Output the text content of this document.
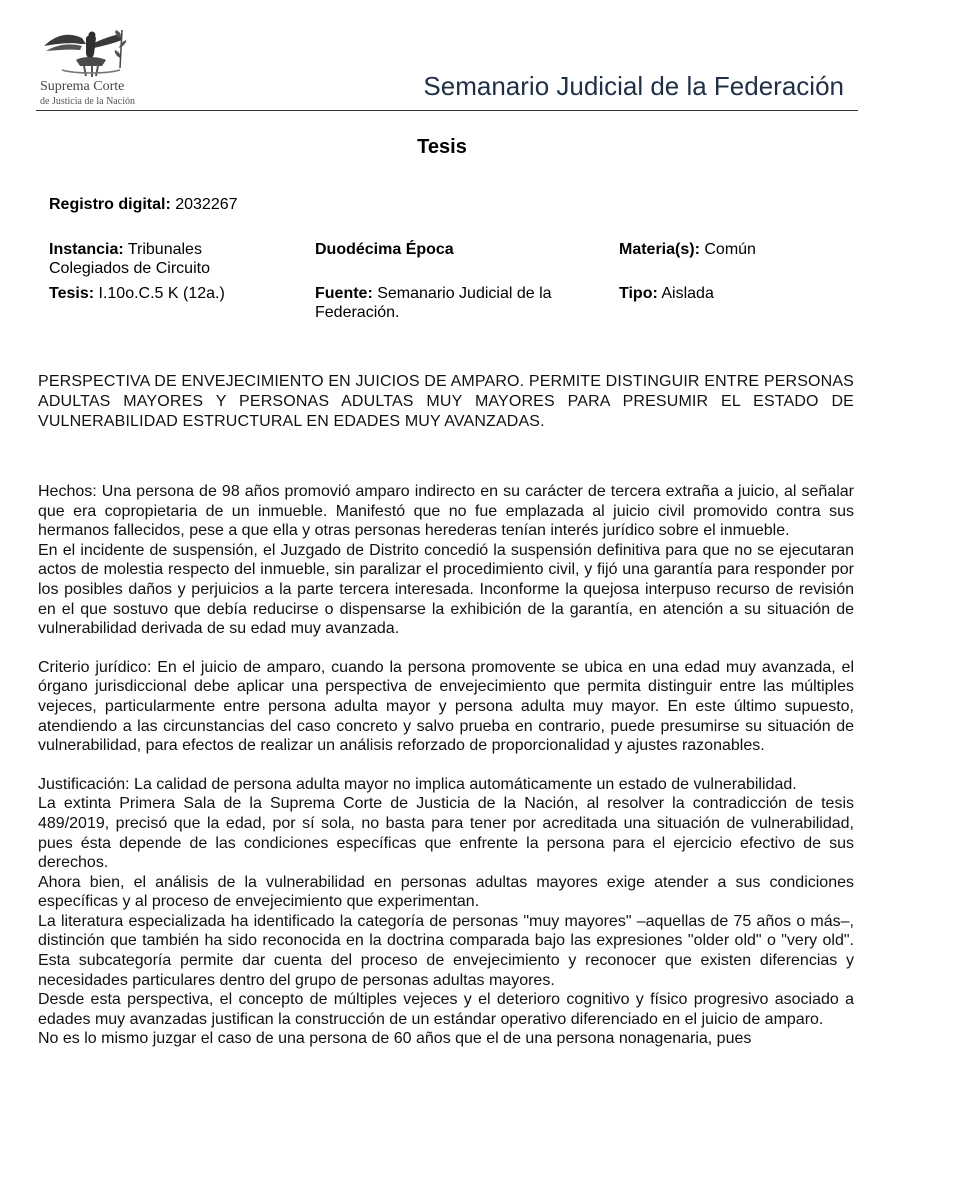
Suprema Corte
de Justicia de la Nación
Semanario Judicial de la Federación
Tesis
Registro digital: 2032267
Instancia: Tribunales Colegiados de Circuito
Duodécima Época	Materia(s): Común
Tesis: I.10o.C.5 K (12a.)	Fuente: Semanario Judicial de la Federación.
Tipo: Aislada
PERSPECTIVA DE ENVEJECIMIENTO EN JUICIOS DE AMPARO. PERMITE DISTINGUIR ENTRE PERSONAS ADULTAS MAYORES Y PERSONAS ADULTAS MUY MAYORES PARA PRESUMIR EL ESTADO DE VULNERABILIDAD ESTRUCTURAL EN EDADES MUY AVANZADAS.

Hechos: Una persona de 98 años promovió amparo indirecto en su carácter de tercera extraña a juicio, al señalar que era copropietaria de un inmueble. Manifestó que no fue emplazada al juicio civil promovido contra sus hermanos fallecidos, pese a que ella y otras personas herederas tenían interés jurídico sobre el inmueble.

En el incidente de suspensión, el Juzgado de Distrito concedió la suspensión definitiva para que no se ejecutaran actos de molestia respecto del inmueble, sin paralizar el procedimiento civil, y fijó una garantía para responder por los posibles daños y perjuicios a la parte tercera interesada. Inconforme la quejosa interpuso recurso de revisión en el que sostuvo que debía reducirse o dispensarse la exhibición de la garantía, en atención a su situación de vulnerabilidad derivada de su edad muy avanzada.

Criterio jurídico: En el juicio de amparo, cuando la persona promovente se ubica en una edad muy avanzada, el órgano jurisdiccional debe aplicar una perspectiva de envejecimiento que permita distinguir entre las múltiples vejeces, particularmente entre persona adulta mayor y persona adulta muy mayor. En este último supuesto, atendiendo a las circunstancias del caso concreto y salvo prueba en contrario, puede presumirse su situación de vulnerabilidad, para efectos de realizar un análisis reforzado de proporcionalidad y ajustes razonables.

Justificación: La calidad de persona adulta mayor no implica automáticamente un estado de vulnerabilidad.

La extinta Primera Sala de la Suprema Corte de Justicia de la Nación, al resolver la contradicción de tesis 489/2019, precisó que la edad, por sí sola, no basta para tener por acreditada una situación de vulnerabilidad, pues ésta depende de las condiciones específicas que enfrente la persona para el ejercicio efectivo de sus derechos.

Ahora bien, el análisis de la vulnerabilidad en personas adultas mayores exige atender a sus condiciones específicas y al proceso de envejecimiento que experimentan.

La literatura especializada ha identificado la categoría de personas "muy mayores" –aquellas de 75 años o más–, distinción que también ha sido reconocida en la doctrina comparada bajo las expresiones "older old" o "very old". Esta subcategoría permite dar cuenta del proceso de envejecimiento y reconocer que existen diferencias y necesidades particulares dentro del grupo de personas adultas mayores.

Desde esta perspectiva, el concepto de múltiples vejeces y el deterioro cognitivo y físico progresivo asociado a edades muy avanzadas justifican la construcción de un estándar operativo diferenciado en el juicio de amparo.

No es lo mismo juzgar el caso de una persona de 60 años que el de una persona nonagenaria, pues
